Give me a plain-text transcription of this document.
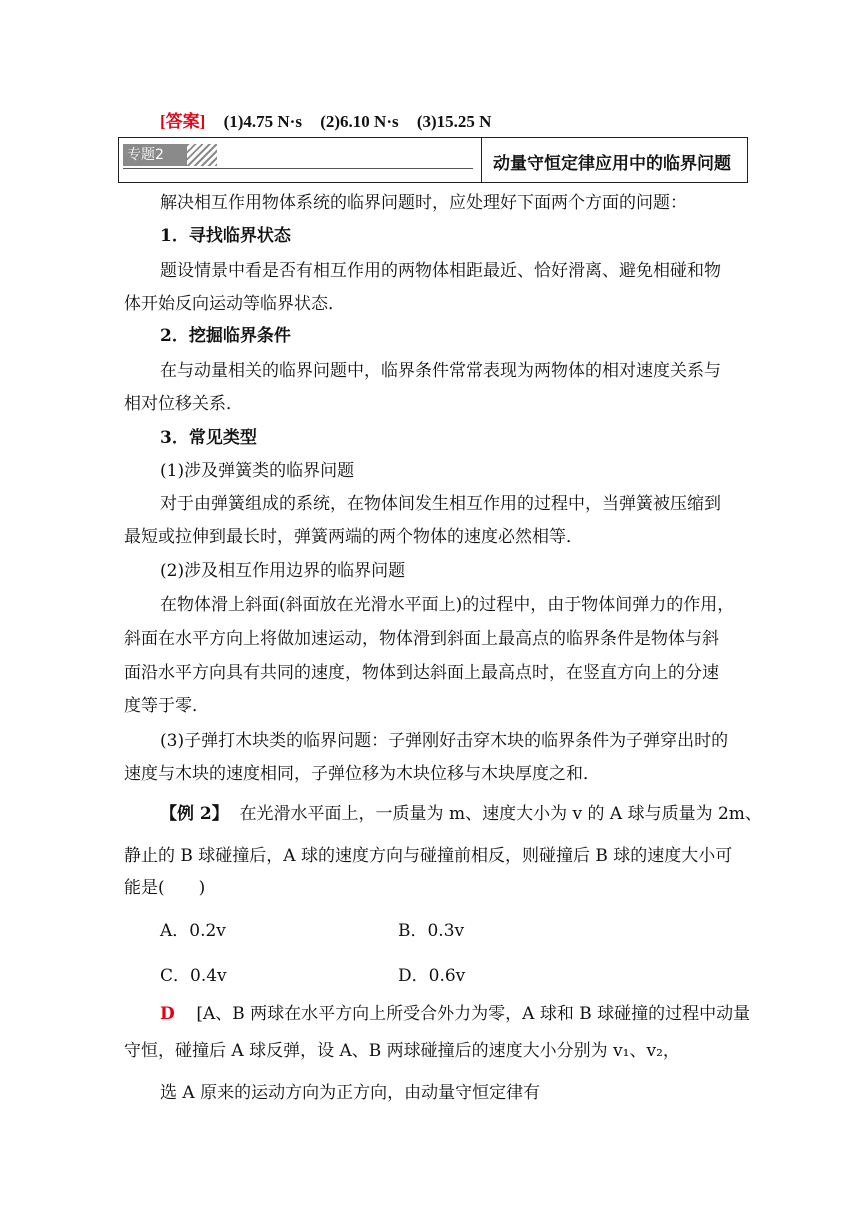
[答案] (1)4.75 N·s (2)6.10 N·s (3)15.25 N
专题2	动量守恒定律应用中的临界问题
解决相互作用物体系统的临界问题时，应处理好下面两个方面的问题：
1．寻找临界状态
题设情景中看是否有相互作用的两物体相距最近、恰好滑离、避免相碰和物
体开始反向运动等临界状态．
2．挖掘临界条件
在与动量相关的临界问题中，临界条件常常表现为两物体的相对速度关系与
相对位移关系．
3．常见类型
(1)涉及弹簧类的临界问题
对于由弹簧组成的系统，在物体间发生相互作用的过程中，当弹簧被压缩到
最短或拉伸到最长时，弹簧两端的两个物体的速度必然相等．
(2)涉及相互作用边界的临界问题
在物体滑上斜面(斜面放在光滑水平面上)的过程中，由于物体间弹力的作用，
斜面在水平方向上将做加速运动，物体滑到斜面上最高点的临界条件是物体与斜
面沿水平方向具有共同的速度，物体到达斜面上最高点时，在竖直方向上的分速
度等于零．
(3)子弹打木块类的临界问题：子弹刚好击穿木块的临界条件为子弹穿出时的
速度与木块的速度相同，子弹位移为木块位移与木块厚度之和．
【例 2】 在光滑水平面上，一质量为 m、速度大小为 v 的 A 球与质量为 2m、
静止的 B 球碰撞后，A 球的速度方向与碰撞前相反，则碰撞后 B 球的速度大小可
能是(　　)
A．0.2v	B．0.3v
C．0.4v	D．0.6v
D [A、B 两球在水平方向上所受合外力为零，A 球和 B 球碰撞的过程中动量
守恒，碰撞后 A 球反弹，设 A、B 两球碰撞后的速度大小分别为 v₁、v₂，
选 A 原来的运动方向为正方向，由动量守恒定律有
